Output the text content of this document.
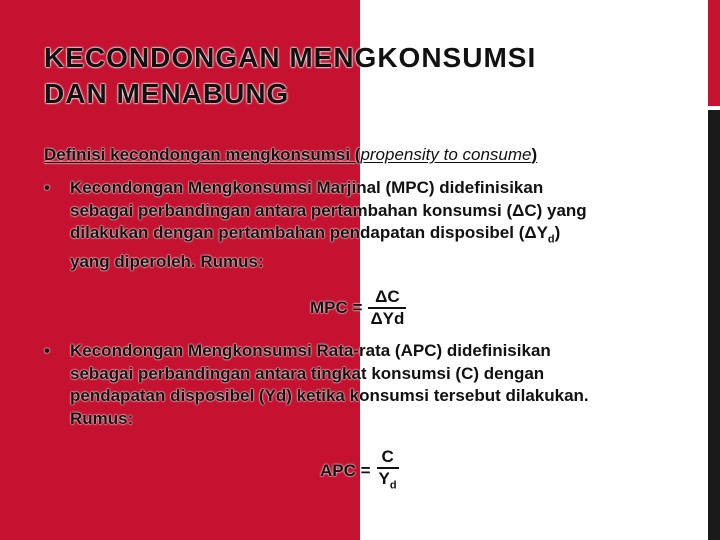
KECONDONGAN MENGKONSUMSI
DAN MENABUNG
Definisi kecondongan mengkonsumsi (propensity to consume)
•	Kecondongan Mengkonsumsi Marjinal (MPC) didefinisikan
sebagai perbandingan antara pertambahan konsumsi (ΔC) yang
dilakukan dengan pertambahan pendapatan disposibel $(\Delta Y_d)$
yang diperoleh. Rumus:
MPC = $\frac{\Delta C}{\text{ΔYd}}$
•	Kecondongan Mengkonsumsi Rata-rata (APC) didefinisikan
sebagai perbandingan antara tingkat konsumsi (C) dengan
pendapatan disposibel (Yd) ketika konsumsi tersebut dilakukan.
Rumus:
APC = $\frac{C}{Y_d}$
